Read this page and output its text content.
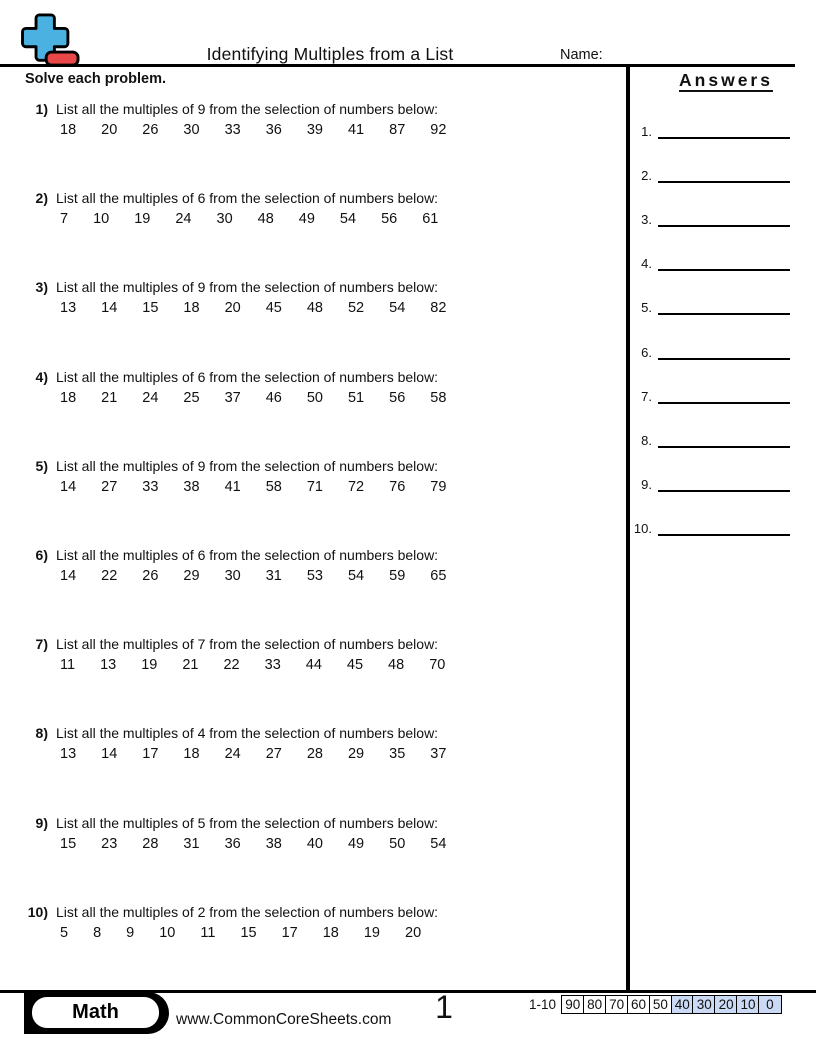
Identifying Multiples from a List	Name:
Solve each problem.
1) List all the multiples of 9 from the selection of numbers below:
18 20 26 30 33 36 39 41 87 92
2) List all the multiples of 6 from the selection of numbers below:
7 10 19 24 30 48 49 54 56 61
3) List all the multiples of 9 from the selection of numbers below:
13 14 15 18 20 45 48 52 54 82
4) List all the multiples of 6 from the selection of numbers below:
18 21 24 25 37 46 50 51 56 58
5) List all the multiples of 9 from the selection of numbers below:
14 27 33 38 41 58 71 72 76 79
6) List all the multiples of 6 from the selection of numbers below:
14 22 26 29 30 31 53 54 59 65
7) List all the multiples of 7 from the selection of numbers below:
11 13 19 21 22 33 44 45 48 70
8) List all the multiples of 4 from the selection of numbers below:
13 14 17 18 24 27 28 29 35 37
9) List all the multiples of 5 from the selection of numbers below:
15 23 28 31 36 38 40 49 50 54
10) List all the multiples of 2 from the selection of numbers below:
5 8 9 10 11 15 17 18 19 20
Answers
1.
2.
3.
4.
5.
6.
7.
8.
9.
10.
Math	www.CommonCoreSheets.com	1	1-10 90 80 70 60 50 40 30 20 10 0
